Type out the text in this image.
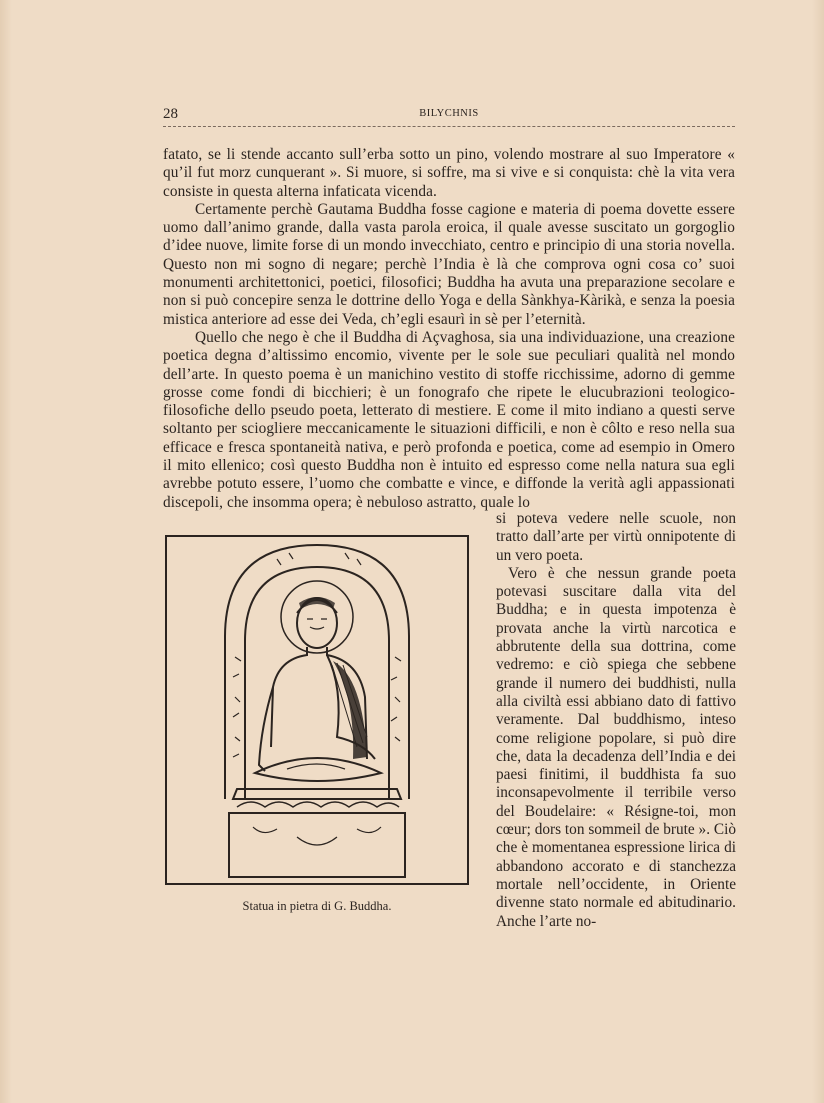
28	BILYCHNIS

fatato, se li stende accanto sull’erba sotto un pino, volendo mostrare al suo Imperatore « qu’il fut morz cunquerant ». Si muore, si soffre, ma si vive e si conquista: chè la vita vera consiste in questa alterna infaticata vicenda.

Certamente perchè Gautama Buddha fosse cagione e materia di poema dovette essere uomo dall’animo grande, dalla vasta parola eroica, il quale avesse suscitato un gorgoglio d’idee nuove, limite forse di un mondo invecchiato, centro e principio di una storia novella. Questo non mi sogno di negare; perchè l’India è là che comprova ogni cosa co’ suoi monumenti architettonici, poetici, filosofici; Buddha ha avuta una preparazione secolare e non si può concepire senza le dottrine dello Yoga e della Sànkhya-Kàrikà, e senza la poesia mistica anteriore ad esse dei Veda, ch’egli esaurì in sè per l’eternità.

Quello che nego è che il Buddha di Açvaghosa, sia una individuazione, una creazione poetica degna d’altissimo encomio, vivente per le sole sue peculiari qualità nel mondo dell’arte. In questo poema è un manichino vestito di stoffe ricchissime, adorno di gemme grosse come fondi di bicchieri; è un fonografo che ripete le elucubrazioni teologico-filosofiche dello pseudo poeta, letterato di mestiere. E come il mito indiano a questi serve soltanto per sciogliere meccanicamente le situazioni difficili, e non è côlto e reso nella sua efficace e fresca spontaneità nativa, e però profonda e poetica, come ad esempio in Omero il mito ellenico; così questo Buddha non è intuito ed espresso come nella natura sua egli avrebbe potuto essere, l’uomo che combatte e vince, e diffonde la verità agli appassionati discepoli, che insomma opera; è nebuloso astratto, quale lo

Statua in pietra di G. Buddha.

si poteva vedere nelle scuole, non tratto dall’arte per virtù onnipotente di un vero poeta.

Vero è che nessun grande poeta potevasi suscitare dalla vita del Buddha; e in questa impotenza è provata anche la virtù narcotica e abbrutente della sua dottrina, come vedremo: e ciò spiega che sebbene grande il numero dei buddhisti, nulla alla civiltà essi abbiano dato di fattivo veramente. Dal buddhismo, inteso come religione popolare, si può dire che, data la decadenza dell’India e dei paesi finitimi, il buddhista fa suo inconsapevolmente il terribile verso del Boudelaire: « Résigne-toi, mon cœur; dors ton sommeil de brute ». Ciò che è momentanea espressione lirica di abbandono accorato e di stanchezza mortale nell’occidente, in Oriente divenne stato normale ed abitudinario. Anche l’arte no-
